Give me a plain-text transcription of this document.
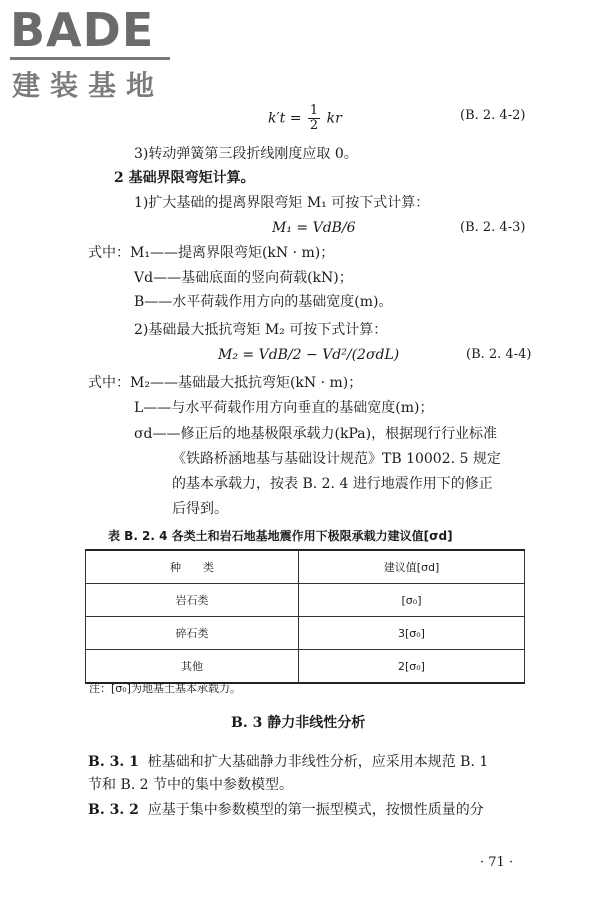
BADE
建装基地
$k't = \frac{1}{2}$ kr	(B. 2. 4-2)
3)转动弹簧第三段折线刚度应取 0。
2 基础界限弯矩计算。
1)扩大基础的提离界限弯矩 M₁ 可按下式计算：
M₁ = VdB/6	(B. 2. 4-3)
式中：M₁——提离界限弯矩(kN · m)；
Vd——基础底面的竖向荷载(kN)；
B——水平荷载作用方向的基础宽度(m)。
2)基础最大抵抗弯矩 M₂ 可按下式计算：
M₂ = VdB/2 − Vd²/(2σdL)	(B. 2. 4-4)
式中：M₂——基础最大抵抗弯矩(kN · m)；
L——与水平荷载作用方向垂直的基础宽度(m)；
σd——修正后的地基极限承载力(kPa)，根据现行行业标准
《铁路桥涵地基与基础设计规范》TB 10002. 5 规定
的基本承载力，按表 B. 2. 4 进行地震作用下的修正
后得到。
表 B. 2. 4 各类土和岩石地基地震作用下极限承载力建议值[σd]
种　　类	建议值[σd]
岩石类	[σ₀]
碎石类	3[σ₀]
其他	2[σ₀]
注：[σ₀]为地基土基本承载力。
B. 3 静力非线性分析
B. 3. 1 桩基础和扩大基础静力非线性分析，应采用本规范 B. 1
节和 B. 2 节中的集中参数模型。
B. 3. 2 应基于集中参数模型的第一振型模式，按惯性质量的分
· 71 ·
